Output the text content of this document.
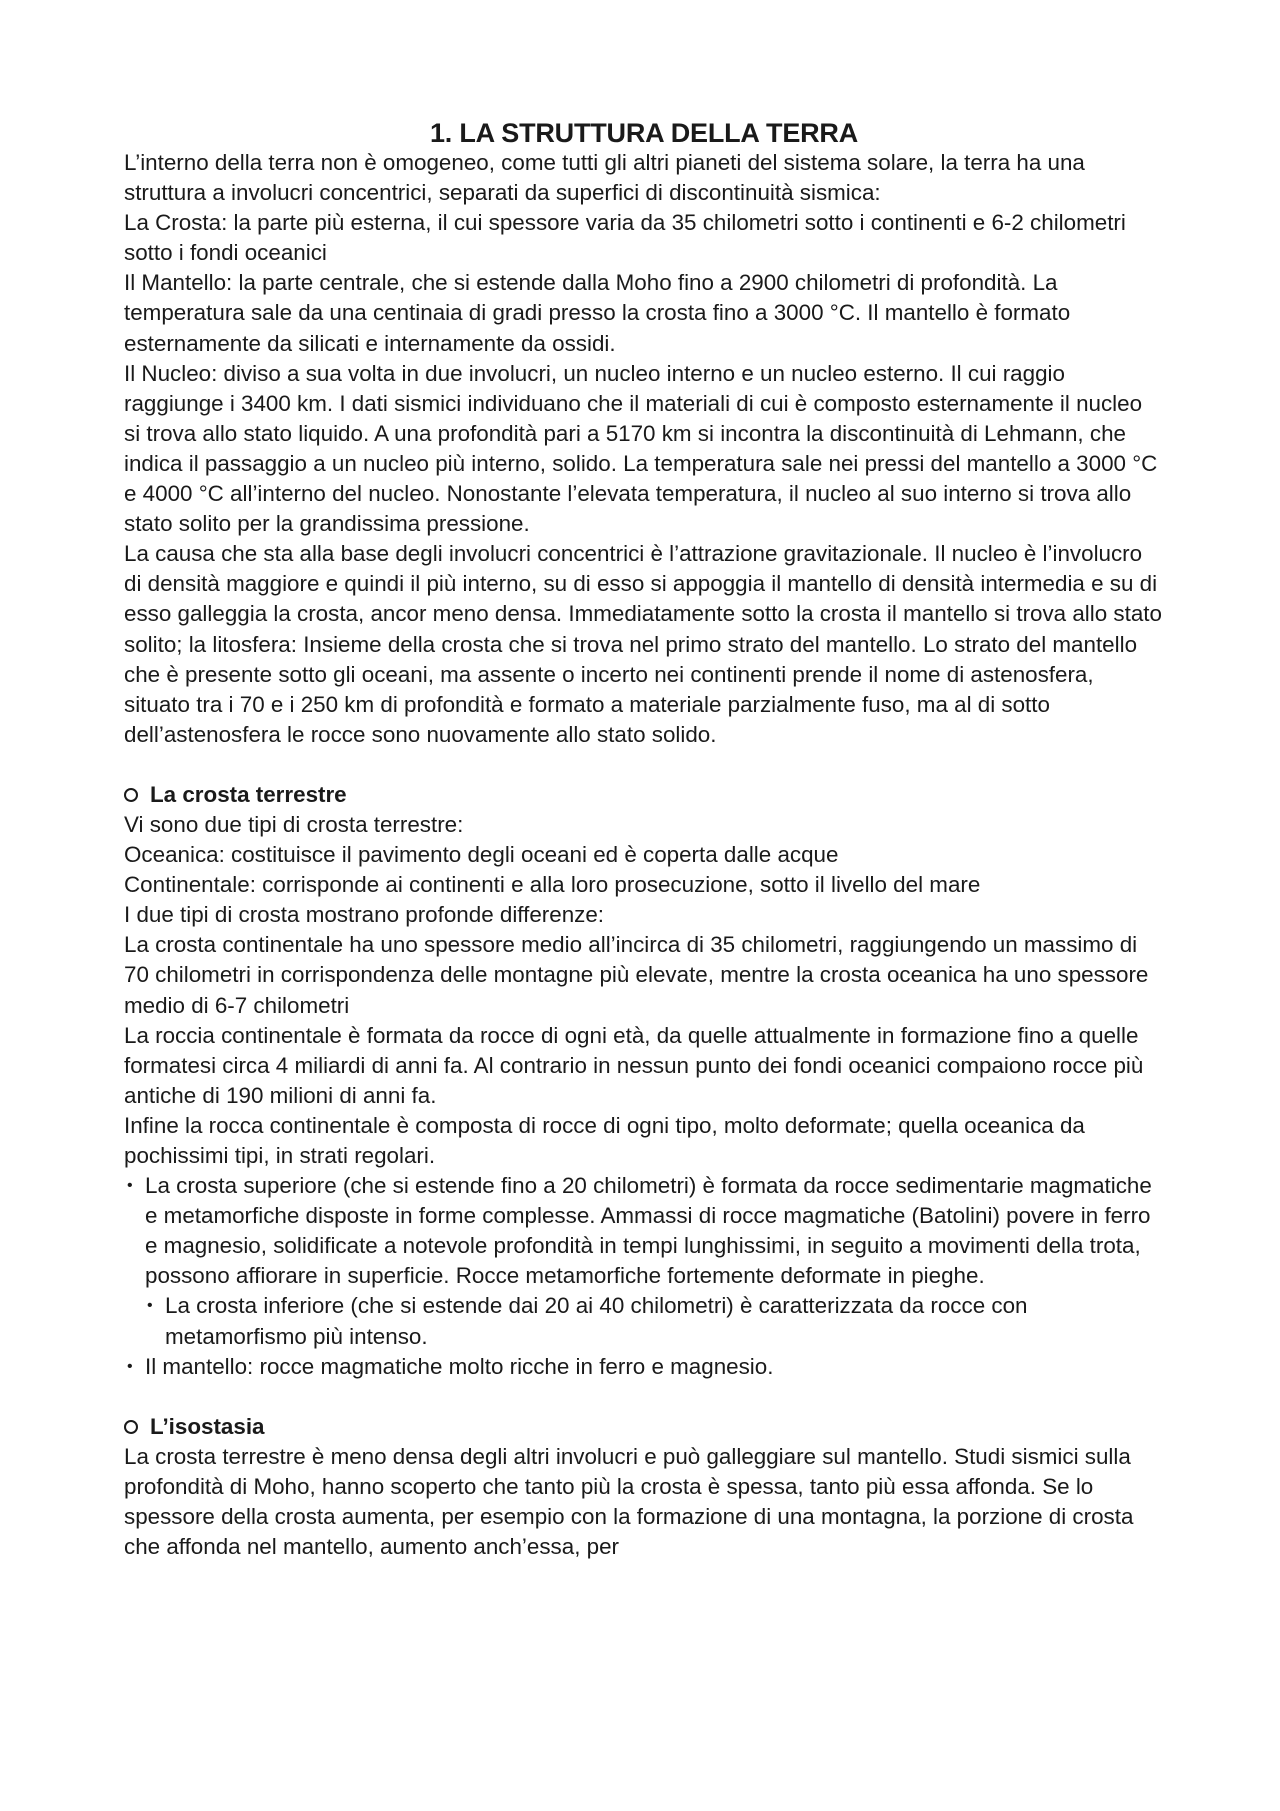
1. LA STRUTTURA DELLA TERRA

L’interno della terra non è omogeneo, come tutti gli altri pianeti del sistema solare, la terra ha una struttura a involucri concentrici, separati da superfici di discontinuità sismica:

La Crosta: la parte più esterna, il cui spessore varia da 35 chilometri sotto i continenti e 6-2 chilometri sotto i fondi oceanici

Il Mantello: la parte centrale, che si estende dalla Moho fino a 2900 chilometri di profondità. La temperatura sale da una centinaia di gradi presso la crosta fino a 3000 °C. Il mantello è formato esternamente da silicati e internamente da ossidi.

Il Nucleo: diviso a sua volta in due involucri, un nucleo interno e un nucleo esterno. Il cui raggio raggiunge i 3400 km. I dati sismici individuano che il materiali di cui è composto esternamente il nucleo si trova allo stato liquido. A una profondità pari a 5170 km si incontra la discontinuità di Lehmann, che indica il passaggio a un nucleo più interno, solido. La temperatura sale nei pressi del mantello a 3000 °C e 4000 °C all’interno del nucleo. Nonostante l’elevata temperatura, il nucleo al suo interno si trova allo stato solito per la grandissima pressione.

La causa che sta alla base degli involucri concentrici è l’attrazione gravitazionale. Il nucleo è l’involucro di densità maggiore e quindi il più interno, su di esso si appoggia il mantello di densità intermedia e su di esso galleggia la crosta, ancor meno densa. Immediatamente sotto la crosta il mantello si trova allo stato solito; la litosfera: Insieme della crosta che si trova nel primo strato del mantello. Lo strato del mantello che è presente sotto gli oceani, ma assente o incerto nei continenti prende il nome di astenosfera, situato tra i 70 e i 250 km di profondità e formato a materiale parzialmente fuso, ma al di sotto dell’astenosfera le rocce sono nuovamente allo stato solido.

La crosta terrestre

Vi sono due tipi di crosta terrestre:

Oceanica: costituisce il pavimento degli oceani ed è coperta dalle acque

Continentale: corrisponde ai continenti e alla loro prosecuzione, sotto il livello del mare

I due tipi di crosta mostrano profonde differenze:

La crosta continentale ha uno spessore medio all’incirca di 35 chilometri, raggiungendo un massimo di 70 chilometri in corrispondenza delle montagne più elevate, mentre la crosta oceanica ha uno spessore medio di 6-7 chilometri

La roccia continentale è formata da rocce di ogni età, da quelle attualmente in formazione fino a quelle formatesi circa 4 miliardi di anni fa. Al contrario in nessun punto dei fondi oceanici compaiono rocce più antiche di 190 milioni di anni fa.

Infine la rocca continentale è composta di rocce di ogni tipo, molto deformate; quella oceanica da pochissimi tipi, in strati regolari.

• La crosta superiore (che si estende fino a 20 chilometri) è formata da rocce sedimentarie magmatiche e metamorfiche disposte in forme complesse. Ammassi di rocce magmatiche (Batolini) povere in ferro e magnesio, solidificate a notevole profondità in tempi lunghissimi, in seguito a movimenti della trota, possono affiorare in superficie. Rocce metamorfiche fortemente deformate in pieghe.
• La crosta inferiore (che si estende dai 20 ai 40 chilometri) è caratterizzata da rocce con metamorfismo più intenso.
• Il mantello: rocce magmatiche molto ricche in ferro e magnesio.
L’isostasia

La crosta terrestre è meno densa degli altri involucri e può galleggiare sul mantello. Studi sismici sulla profondità di Moho, hanno scoperto che tanto più la crosta è spessa, tanto più essa affonda. Se lo spessore della crosta aumenta, per esempio con la formazione di una montagna, la porzione di crosta che affonda nel mantello, aumento anch’essa, per
